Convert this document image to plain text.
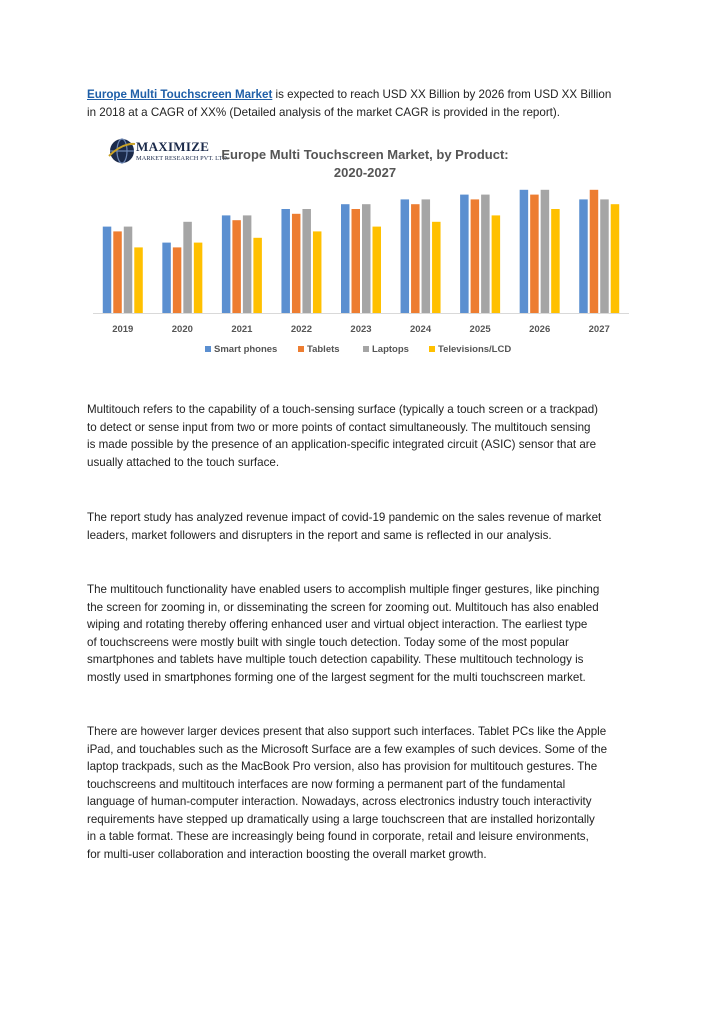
Europe Multi Touchscreen Market is expected to reach USD XX Billion by 2026 from USD XX Billion
in 2018 at a CAGR of XX% (Detailed analysis of the market CAGR is provided in the report).

MAXIMIZE
MARKET RESEARCH PVT. LTD.
Europe Multi Touchscreen Market, by Product:
2020-2027
2019	2020	2021	2022	2023	2024	2025	2026	2027
Smart phones	Tablets	Laptops	Televisions/LCD

Multitouch refers to the capability of a touch-sensing surface (typically a touch screen or a trackpad)
to detect or sense input from two or more points of contact simultaneously. The multitouch sensing
is made possible by the presence of an application-specific integrated circuit (ASIC) sensor that are
usually attached to the touch surface.

The report study has analyzed revenue impact of covid-19 pandemic on the sales revenue of market
leaders, market followers and disrupters in the report and same is reflected in our analysis.

The multitouch functionality have enabled users to accomplish multiple finger gestures, like pinching
the screen for zooming in, or disseminating the screen for zooming out. Multitouch has also enabled
wiping and rotating thereby offering enhanced user and virtual object interaction. The earliest type
of touchscreens were mostly built with single touch detection. Today some of the most popular
smartphones and tablets have multiple touch detection capability. These multitouch technology is
mostly used in smartphones forming one of the largest segment for the multi touchscreen market.

There are however larger devices present that also support such interfaces. Tablet PCs like the Apple
iPad, and touchables such as the Microsoft Surface are a few examples of such devices. Some of the
laptop trackpads, such as the MacBook Pro version, also has provision for multitouch gestures. The
touchscreens and multitouch interfaces are now forming a permanent part of the fundamental
language of human-computer interaction. Nowadays, across electronics industry touch interactivity
requirements have stepped up dramatically using a large touchscreen that are installed horizontally
in a table format. These are increasingly being found in corporate, retail and leisure environments,
for multi-user collaboration and interaction boosting the overall market growth.
